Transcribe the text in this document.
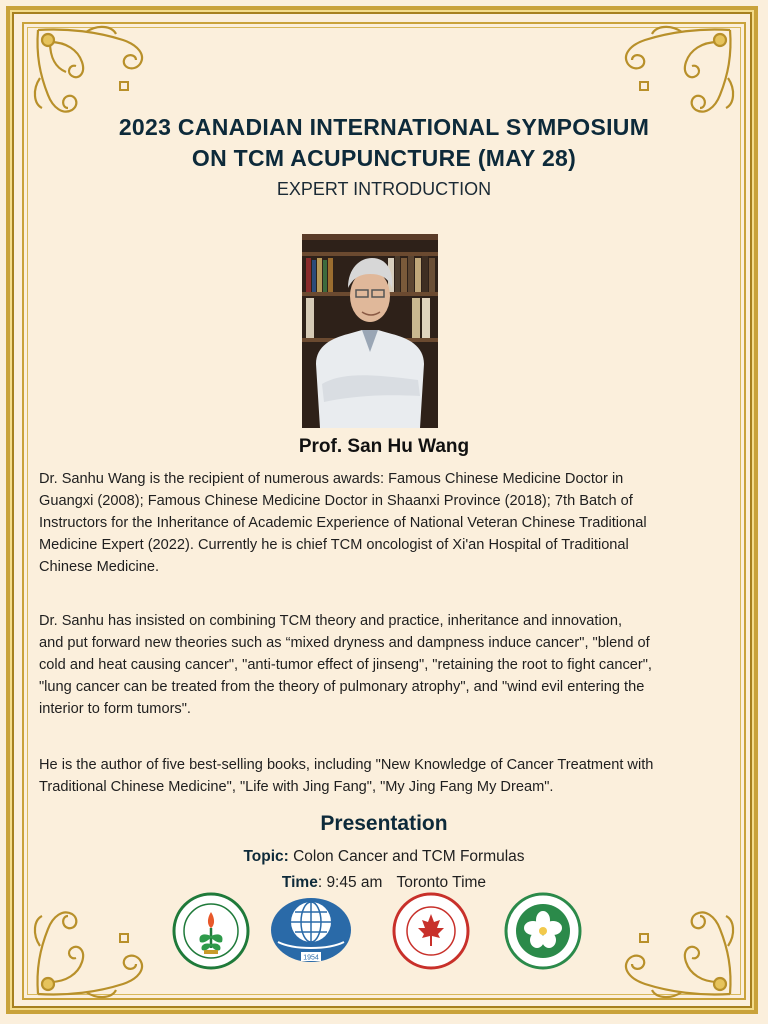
2023 CANADIAN INTERNATIONAL SYMPOSIUM
ON TCM ACUPUNCTURE (MAY 28)
EXPERT INTRODUCTION
Prof. San Hu Wang
Dr. Sanhu Wang is the recipient of numerous awards: Famous Chinese Medicine Doctor in
Guangxi (2008); Famous Chinese Medicine Doctor in Shaanxi Province (2018); 7th Batch of
Instructors for the Inheritance of Academic Experience of National Veteran Chinese Traditional
Medicine Expert (2022). Currently he is chief TCM oncologist of Xi'an Hospital of Traditional
Chinese Medicine.
Dr. Sanhu has insisted on combining TCM theory and practice, inheritance and innovation,
and put forward new theories such as “mixed dryness and dampness induce cancer", "blend of
cold and heat causing cancer", "anti-tumor effect of jinseng", "retaining the root to fight cancer",
"lung cancer can be treated from the theory of pulmonary atrophy", and "wind evil entering the
interior to form tumors".
He is the author of five best-selling books, including "New Knowledge of Cancer Treatment with
Traditional Chinese Medicine", "Life with Jing Fang", "My Jing Fang My Dream".
Presentation
Topic: Colon Cancer and TCM Formulas
Time: 9:45 am Toronto Time
1954
